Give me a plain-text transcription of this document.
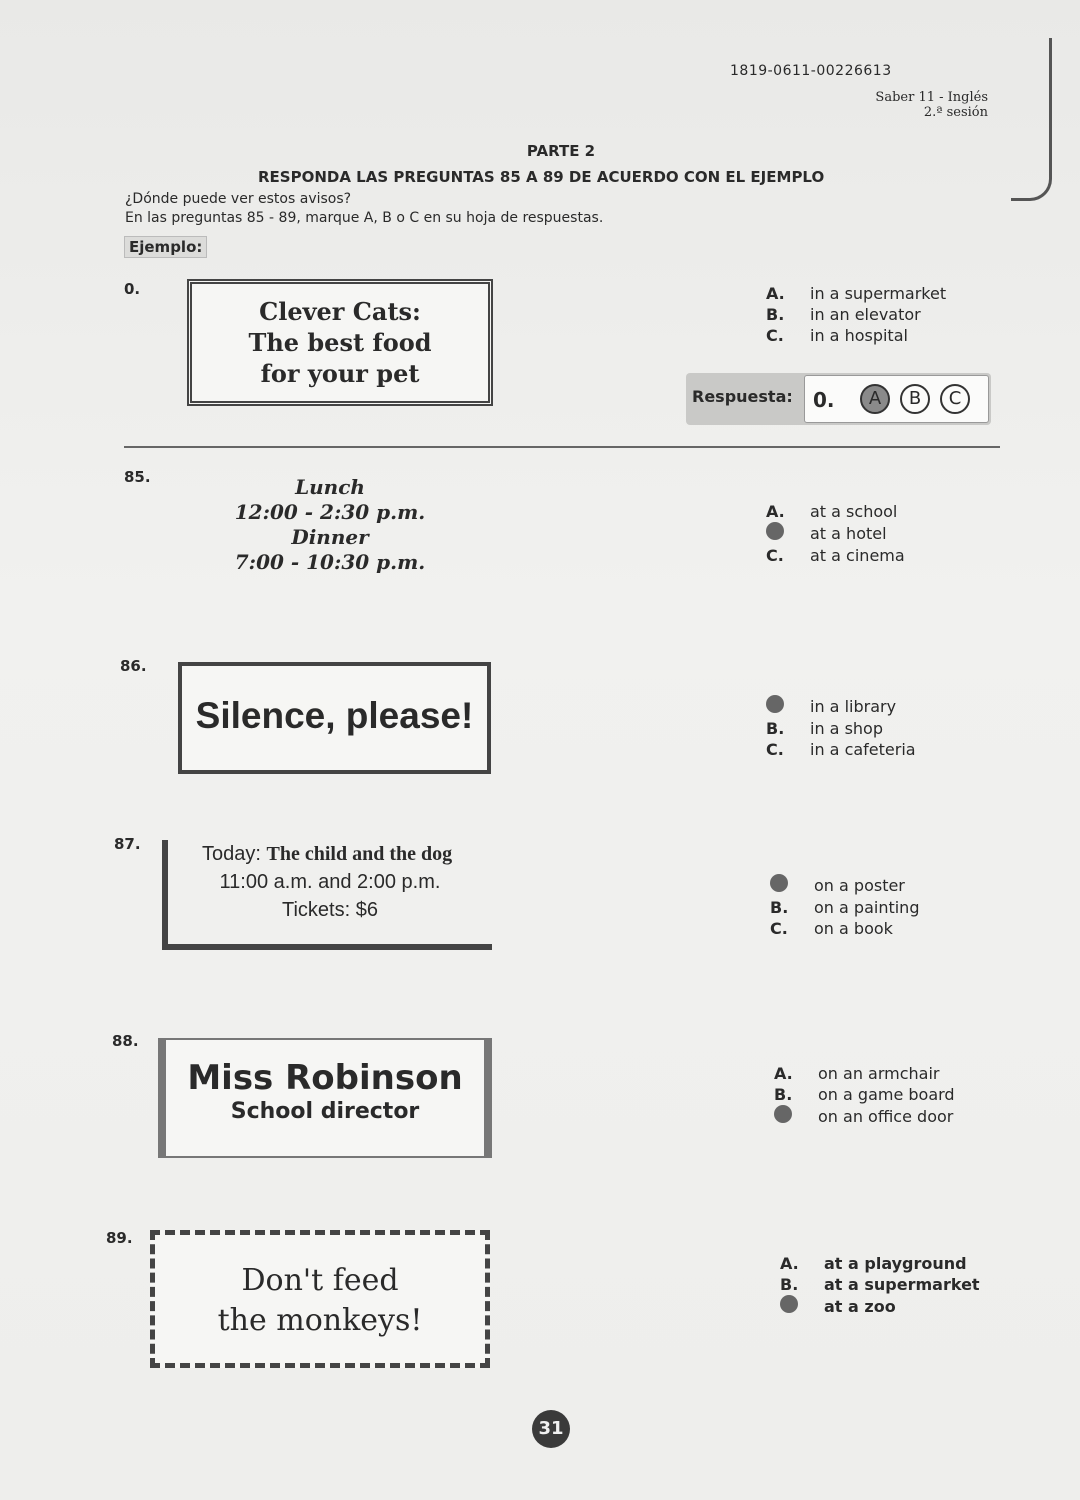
1819-0611-00226613
Saber 11 - Inglés
2.ª sesión
PARTE 2
RESPONDA LAS PREGUNTAS 85 A 89 DE ACUERDO CON EL EJEMPLO
¿Dónde puede ver estos avisos?
En las preguntas 85 - 89, marque A, B o C en su hoja de respuestas.
Ejemplo:
0.
Clever Cats:
The best food
for your pet
A.	in a supermarket
B.	in an elevator
C.	in a hospital
Respuesta: 0.	A	B	C
85.	Lunch
12:00 - 2:30 p.m.
Dinner
7:00 - 10:30 p.m.
A.	at a school
at a hotel
C.	at a cinema
86.
Silence, please!	in a library
B.	in a shop
C.	in a cafeteria
87.	Today: The child and the dog
11:00 a.m. and 2:00 p.m.
Tickets: $6
on a poster
B.	on a painting
C.	on a book
88.
Miss Robinson
School director
A.	on an armchair
B.	on a game board
on an office door
89.
Don't feed
the monkeys!
A.	at a playground
B.	at a supermarket
at a zoo
31
